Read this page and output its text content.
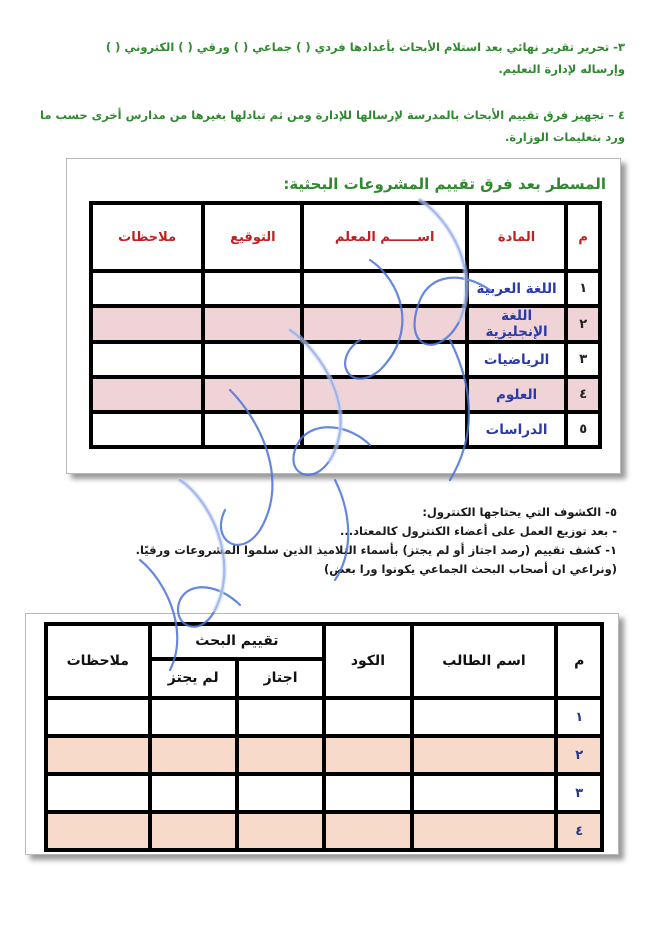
٣- تحرير تقرير نهائي بعد استلام الأبحاث بأعدادها فردي ( ) جماعي ( ) ورقي ( ) الكتروني ( )
وإرساله لإدارة التعليم.
٤ – تجهيز فرق تقييم الأبحاث بالمدرسة لإرسالها للإدارة ومن ثم تبادلها بغيرها من مدارس أخرى حسب ما
ورد بتعليمات الوزارة.
المسطر بعد فرق تقييم المشروعات البحثية:
م	المادة	اســــــم المعلم	التوقيع	ملاحظات
١	اللغة العربية			
٢	اللغة الإنجليزية			
٣	الرياضيات			
٤	العلوم			
٥	الدراسات			
٥- الكشوف التي يحتاجها الكنترول:
- بعد توزيع العمل على أعضاء الكنترول كالمعتاد...
١- كشف تقييم (رصد اجتاز أو لم يجتز) بأسماء التلاميذ الذين سلموا المشروعات ورقيًا.
(ونراعي ان أصحاب البحث الجماعي يكونوا ورا بعض)
م	اسم الطالب	الكود	تقييم البحث		ملاحظات
			اجتاز	لم يجتز	
١					
٢					
٣					
٤					
